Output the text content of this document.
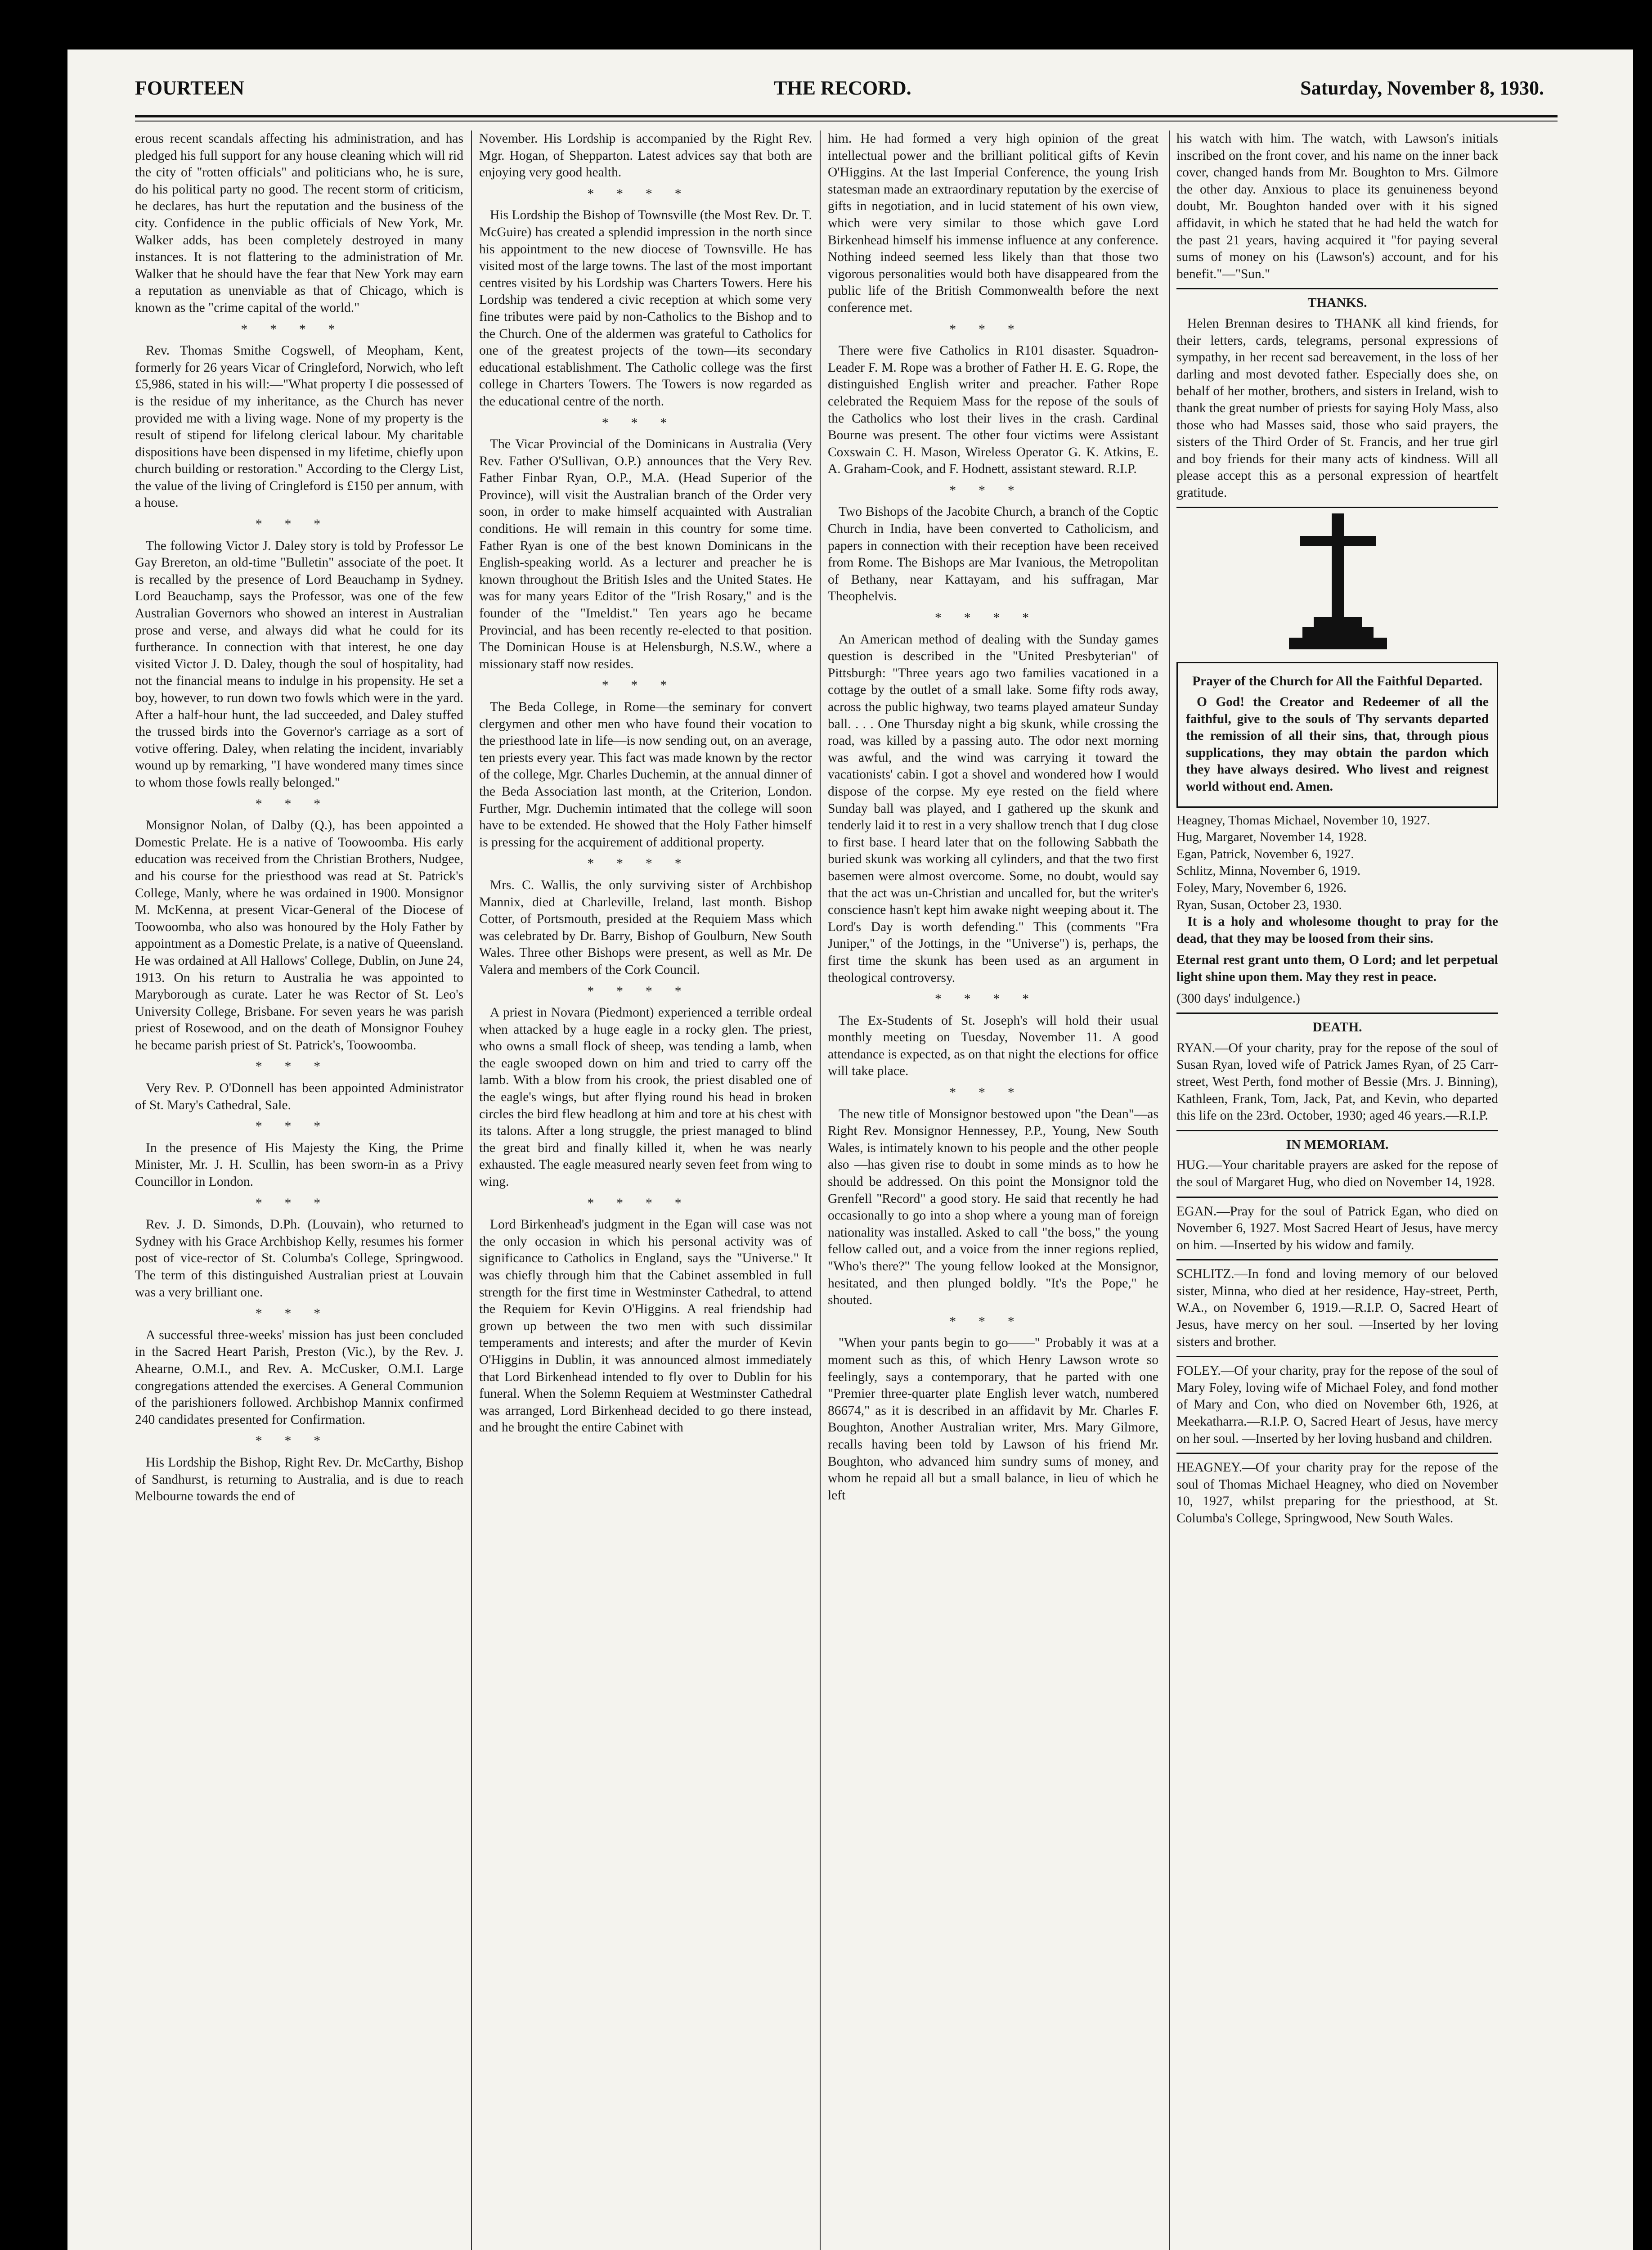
FOURTEEN	THE RECORD.	Saturday, November 8, 1930.

erous recent scandals affecting his administration, and has pledged his full support for any house cleaning which will rid the city of "rotten officials" and politicians who, he is sure, do his political party no good. The recent storm of criticism, he declares, has hurt the reputation and the business of the city. Confidence in the public officials of New York, Mr. Walker adds, has been completely destroyed in many instances. It is not flattering to the administration of Mr. Walker that he should have the fear that New York may earn a reputation as unenviable as that of Chicago, which is known as the "crime capital of the world."

****

Rev. Thomas Smithe Cogswell, of Meopham, Kent, formerly for 26 years Vicar of Cringleford, Norwich, who left £5,986, stated in his will:—"What property I die possessed of is the residue of my inheritance, as the Church has never provided me with a living wage. None of my property is the result of stipend for lifelong clerical labour. My charitable dispositions have been dispensed in my lifetime, chiefly upon church building or restoration." According to the Clergy List, the value of the living of Cringleford is £150 per annum, with a house.

***

The following Victor J. Daley story is told by Professor Le Gay Brereton, an old-time "Bulletin" associate of the poet. It is recalled by the presence of Lord Beauchamp in Sydney. Lord Beauchamp, says the Professor, was one of the few Australian Governors who showed an interest in Australian prose and verse, and always did what he could for its furtherance. In connection with that interest, he one day visited Victor J. D. Daley, though the soul of hospitality, had not the financial means to indulge in his propensity. He set a boy, however, to run down two fowls which were in the yard. After a half-hour hunt, the lad succeeded, and Daley stuffed the trussed birds into the Governor's carriage as a sort of votive offering. Daley, when relating the incident, invariably wound up by remarking, "I have wondered many times since to whom those fowls really belonged."

***

Monsignor Nolan, of Dalby (Q.), has been appointed a Domestic Prelate. He is a native of Toowoomba. His early education was received from the Christian Brothers, Nudgee, and his course for the priesthood was read at St. Patrick's College, Manly, where he was ordained in 1900. Monsignor M. McKenna, at present Vicar-General of the Diocese of Toowoomba, who also was honoured by the Holy Father by appointment as a Domestic Prelate, is a native of Queensland. He was ordained at All Hallows' College, Dublin, on June 24, 1913. On his return to Australia he was appointed to Maryborough as curate. Later he was Rector of St. Leo's University College, Brisbane. For seven years he was parish priest of Rosewood, and on the death of Monsignor Fouhey he became parish priest of St. Patrick's, Toowoomba.

***

Very Rev. P. O'Donnell has been appointed Administrator of St. Mary's Cathedral, Sale.

***

In the presence of His Majesty the King, the Prime Minister, Mr. J. H. Scullin, has been sworn-in as a Privy Councillor in London.

***

Rev. J. D. Simonds, D.Ph. (Louvain), who returned to Sydney with his Grace Archbishop Kelly, resumes his former post of vice-rector of St. Columba's College, Springwood. The term of this distinguished Australian priest at Louvain was a very brilliant one.

***

A successful three-weeks' mission has just been concluded in the Sacred Heart Parish, Preston (Vic.), by the Rev. J. Ahearne, O.M.I., and Rev. A. McCusker, O.M.I. Large congregations attended the exercises. A General Communion of the parishioners followed. Archbishop Mannix confirmed 240 candidates presented for Confirmation.

***

His Lordship the Bishop, Right Rev. Dr. McCarthy, Bishop of Sandhurst, is returning to Australia, and is due to reach Melbourne towards the end of

November. His Lordship is accompanied by the Right Rev. Mgr. Hogan, of Shepparton. Latest advices say that both are enjoying very good health.

****

His Lordship the Bishop of Townsville (the Most Rev. Dr. T. McGuire) has created a splendid impression in the north since his appointment to the new diocese of Townsville. He has visited most of the large towns. The last of the most important centres visited by his Lordship was Charters Towers. Here his Lordship was tendered a civic reception at which some very fine tributes were paid by non-Catholics to the Bishop and to the Church. One of the aldermen was grateful to Catholics for one of the greatest projects of the town—its secondary educational establishment. The Catholic college was the first college in Charters Towers. The Towers is now regarded as the educational centre of the north.

***

The Vicar Provincial of the Dominicans in Australia (Very Rev. Father O'Sullivan, O.P.) announces that the Very Rev. Father Finbar Ryan, O.P., M.A. (Head Superior of the Province), will visit the Australian branch of the Order very soon, in order to make himself acquainted with Australian conditions. He will remain in this country for some time. Father Ryan is one of the best known Dominicans in the English-speaking world. As a lecturer and preacher he is known throughout the British Isles and the United States. He was for many years Editor of the "Irish Rosary," and is the founder of the "Imeldist." Ten years ago he became Provincial, and has been recently re-elected to that position. The Dominican House is at Helensburgh, N.S.W., where a missionary staff now resides.

***

The Beda College, in Rome—the seminary for convert clergymen and other men who have found their vocation to the priesthood late in life—is now sending out, on an average, ten priests every year. This fact was made known by the rector of the college, Mgr. Charles Duchemin, at the annual dinner of the Beda Association last month, at the Criterion, London. Further, Mgr. Duchemin intimated that the college will soon have to be extended. He showed that the Holy Father himself is pressing for the acquirement of additional property.

****

Mrs. C. Wallis, the only surviving sister of Archbishop Mannix, died at Charleville, Ireland, last month. Bishop Cotter, of Portsmouth, presided at the Requiem Mass which was celebrated by Dr. Barry, Bishop of Goulburn, New South Wales. Three other Bishops were present, as well as Mr. De Valera and members of the Cork Council.

****

A priest in Novara (Piedmont) experienced a terrible ordeal when attacked by a huge eagle in a rocky glen. The priest, who owns a small flock of sheep, was tending a lamb, when the eagle swooped down on him and tried to carry off the lamb. With a blow from his crook, the priest disabled one of the eagle's wings, but after flying round his head in broken circles the bird flew headlong at him and tore at his chest with its talons. After a long struggle, the priest managed to blind the great bird and finally killed it, when he was nearly exhausted. The eagle measured nearly seven feet from wing to wing.

****

Lord Birkenhead's judgment in the Egan will case was not the only occasion in which his personal activity was of significance to Catholics in England, says the "Universe." It was chiefly through him that the Cabinet assembled in full strength for the first time in Westminster Cathedral, to attend the Requiem for Kevin O'Higgins. A real friendship had grown up between the two men with such dissimilar temperaments and interests; and after the murder of Kevin O'Higgins in Dublin, it was announced almost immediately that Lord Birkenhead intended to fly over to Dublin for his funeral. When the Solemn Requiem at Westminster Cathedral was arranged, Lord Birkenhead decided to go there instead, and he brought the entire Cabinet with

him. He had formed a very high opinion of the great intellectual power and the brilliant political gifts of Kevin O'Higgins. At the last Imperial Conference, the young Irish statesman made an extraordinary reputation by the exercise of gifts in negotiation, and in lucid statement of his own view, which were very similar to those which gave Lord Birkenhead himself his immense influence at any conference. Nothing indeed seemed less likely than that those two vigorous personalities would both have disappeared from the public life of the British Commonwealth before the next conference met.

***

There were five Catholics in R101 disaster. Squadron-Leader F. M. Rope was a brother of Father H. E. G. Rope, the distinguished English writer and preacher. Father Rope celebrated the Requiem Mass for the repose of the souls of the Catholics who lost their lives in the crash. Cardinal Bourne was present. The other four victims were Assistant Coxswain C. H. Mason, Wireless Operator G. K. Atkins, E. A. Graham-Cook, and F. Hodnett, assistant steward. R.I.P.

***

Two Bishops of the Jacobite Church, a branch of the Coptic Church in India, have been converted to Catholicism, and papers in connection with their reception have been received from Rome. The Bishops are Mar Ivanious, the Metropolitan of Bethany, near Kattayam, and his suffragan, Mar Theophelvis.

****

An American method of dealing with the Sunday games question is described in the "United Presbyterian" of Pittsburgh: "Three years ago two families vacationed in a cottage by the outlet of a small lake. Some fifty rods away, across the public highway, two teams played amateur Sunday ball. . . . One Thursday night a big skunk, while crossing the road, was killed by a passing auto. The odor next morning was awful, and the wind was carrying it toward the vacationists' cabin. I got a shovel and wondered how I would dispose of the corpse. My eye rested on the field where Sunday ball was played, and I gathered up the skunk and tenderly laid it to rest in a very shallow trench that I dug close to first base. I heard later that on the following Sabbath the buried skunk was working all cylinders, and that the two first basemen were almost overcome. Some, no doubt, would say that the act was un-Christian and uncalled for, but the writer's conscience hasn't kept him awake night weeping about it. The Lord's Day is worth defending." This (comments "Fra Juniper," of the Jottings, in the "Universe") is, perhaps, the first time the skunk has been used as an argument in theological controversy.

****

The Ex-Students of St. Joseph's will hold their usual monthly meeting on Tuesday, November 11. A good attendance is expected, as on that night the elections for office will take place.

***

The new title of Monsignor bestowed upon "the Dean"—as Right Rev. Monsignor Hennessey, P.P., Young, New South Wales, is intimately known to his people and the other people also —has given rise to doubt in some minds as to how he should be addressed. On this point the Monsignor told the Grenfell "Record" a good story. He said that recently he had occasionally to go into a shop where a young man of foreign nationality was installed. Asked to call "the boss," the young fellow called out, and a voice from the inner regions replied, "Who's there?" The young fellow looked at the Monsignor, hesitated, and then plunged boldly. "It's the Pope," he shouted.

***

"When your pants begin to go——" Probably it was at a moment such as this, of which Henry Lawson wrote so feelingly, says a contemporary, that he parted with one "Premier three-quarter plate English lever watch, numbered 86674," as it is described in an affidavit by Mr. Charles F. Boughton, Another Australian writer, Mrs. Mary Gilmore, recalls having been told by Lawson of his friend Mr. Boughton, who advanced him sundry sums of money, and whom he repaid all but a small balance, in lieu of which he left

his watch with him. The watch, with Lawson's initials inscribed on the front cover, and his name on the inner back cover, changed hands from Mr. Boughton to Mrs. Gilmore the other day. Anxious to place its genuineness beyond doubt, Mr. Boughton handed over with it his signed affidavit, in which he stated that he had held the watch for the past 21 years, having acquired it "for paying several sums of money on his (Lawson's) account, and for his benefit."—"Sun."

THANKS.

Helen Brennan desires to THANK all kind friends, for their letters, cards, telegrams, personal expressions of sympathy, in her recent sad bereavement, in the loss of her darling and most devoted father. Especially does she, on behalf of her mother, brothers, and sisters in Ireland, wish to thank the great number of priests for saying Holy Mass, also those who had Masses said, those who said prayers, the sisters of the Third Order of St. Francis, and her true girl and boy friends for their many acts of kindness. Will all please accept this as a personal expression of heartfelt gratitude.

Prayer of the Church for All the Faithful Departed.

O God! the Creator and Redeemer of all the faithful, give to the souls of Thy servants departed the remission of all their sins, that, through pious supplications, they may obtain the pardon which they have always desired. Who livest and reignest world without end. Amen.

Heagney, Thomas Michael, November 10, 1927.
Hug, Margaret, November 14, 1928.
Egan, Patrick, November 6, 1927.
Schlitz, Minna, November 6, 1919.
Foley, Mary, November 6, 1926.
Ryan, Susan, October 23, 1930.

It is a holy and wholesome thought to pray for the dead, that they may be loosed from their sins.

Eternal rest grant unto them, O Lord; and let perpetual light shine upon them. May they rest in peace.

(300 days' indulgence.)
DEATH.

RYAN.—Of your charity, pray for the repose of the soul of Susan Ryan, loved wife of Patrick James Ryan, of 25 Carr-street, West Perth, fond mother of Bessie (Mrs. J. Binning), Kathleen, Frank, Tom, Jack, Pat, and Kevin, who departed this life on the 23rd. October, 1930; aged 46 years.—R.I.P.

IN MEMORIAM.

HUG.—Your charitable prayers are asked for the repose of the soul of Margaret Hug, who died on November 14, 1928.

EGAN.—Pray for the soul of Patrick Egan, who died on November 6, 1927. Most Sacred Heart of Jesus, have mercy on him. —Inserted by his widow and family.

SCHLITZ.—In fond and loving memory of our beloved sister, Minna, who died at her residence, Hay-street, Perth, W.A., on November 6, 1919.—R.I.P. O, Sacred Heart of Jesus, have mercy on her soul. —Inserted by her loving sisters and brother.

FOLEY.—Of your charity, pray for the repose of the soul of Mary Foley, loving wife of Michael Foley, and fond mother of Mary and Con, who died on November 6th, 1926, at Meekatharra.—R.I.P. O, Sacred Heart of Jesus, have mercy on her soul. —Inserted by her loving husband and children.

HEAGNEY.—Of your charity pray for the repose of the soul of Thomas Michael Heagney, who died on November 10, 1927, whilst preparing for the priesthood, at St. Columba's College, Springwood, New South Wales.
